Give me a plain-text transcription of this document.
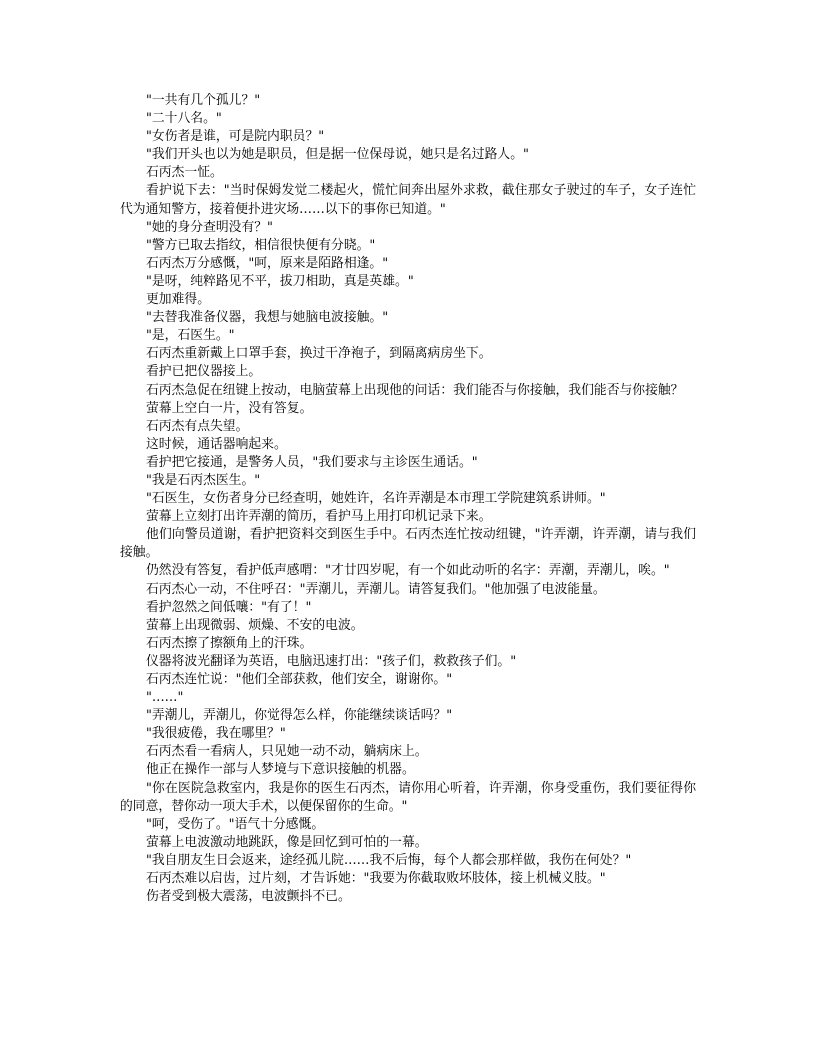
"一共有几个孤儿？"

"二十八名。"

"女伤者是谁，可是院内职员？"

"我们开头也以为她是职员，但是据一位保母说，她只是名过路人。"

石丙杰一怔。

看护说下去："当时保姆发觉二楼起火，慌忙间奔出屋外求救，截住那女子驶过的车子，女子连忙代为通知警方，接着便扑进灾场……以下的事你已知道。"

"她的身分查明没有？"

"警方已取去指纹，相信很快便有分晓。"

石丙杰万分感慨，"呵，原来是陌路相逢。"

"是呀，纯粹路见不平，拔刀相助，真是英雄。"

更加难得。

"去替我准备仪器，我想与她脑电波接触。"

"是，石医生。"

石丙杰重新戴上口罩手套，换过干净袍子，到隔离病房坐下。

看护已把仪器接上。

石丙杰急促在纽键上按动，电脑萤幕上出现他的问话：我们能否与你接触，我们能否与你接触？

萤幕上空白一片，没有答复。

石丙杰有点失望。

这时候，通话器响起来。

看护把它接通，是警务人员，"我们要求与主诊医生通话。"

"我是石丙杰医生。"

"石医生，女伤者身分已经查明，她姓许，名许弄潮是本市理工学院建筑系讲师。"

萤幕上立刻打出许弄潮的简历，看护马上用打印机记录下来。

他们向警员道谢，看护把资料交到医生手中。石丙杰连忙按动纽键，"许弄潮，许弄潮，请与我们接触。

仍然没有答复，看护低声感喟："才廿四岁呢，有一个如此动听的名字：弄潮，弄潮儿，唉。"

石丙杰心一动，不住呼召："弄潮儿，弄潮儿。请答复我们。"他加强了电波能量。

看护忽然之间低嚷："有了！"

萤幕上出现微弱、烦燥、不安的电波。

石丙杰擦了擦额角上的汗珠。

仪器将波光翻译为英语，电脑迅速打出："孩子们，救救孩子们。"

石丙杰连忙说："他们全部获救，他们安全，谢谢你。"

"……"

"弄潮儿，弄潮儿，你觉得怎么样，你能继续谈话吗？"

"我很疲倦，我在哪里？"

石丙杰看一看病人，只见她一动不动，躺病床上。

他正在操作一部与人梦境与下意识接触的机器。

"你在医院急救室内，我是你的医生石丙杰，请你用心听着，许弄潮，你身受重伤，我们要征得你的同意，替你动一项大手术，以便保留你的生命。"

"呵，受伤了。"语气十分感慨。

萤幕上电波激动地跳跃，像是回忆到可怕的一幕。

"我自朋友生日会返来，途经孤儿院……我不后悔，每个人都会那样做，我伤在何处？"

石丙杰难以启齿，过片刻，才告诉她："我要为你截取败坏肢体，接上机械义肢。"

伤者受到极大震荡，电波颤抖不已。
